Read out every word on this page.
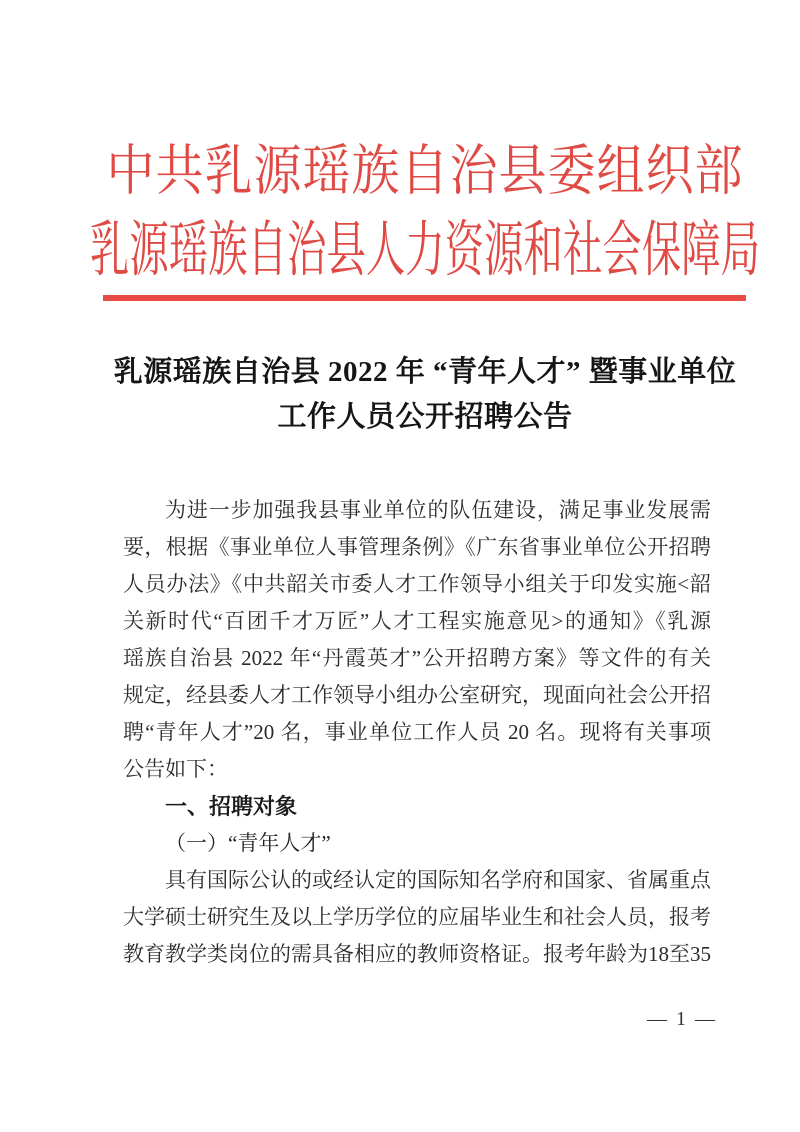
中共乳源瑶族自治县委组织部
乳源瑶族自治县人力资源和社会保障局
乳源瑶族自治县 2022 年 “青年人才” 暨事业单位
工作人员公开招聘公告
为进一步加强我县事业单位的队伍建设，满足事业发展需
要，根据《事业单位人事管理条例》《广东省事业单位公开招聘
人员办法》《中共韶关市委人才工作领导小组关于印发实施<韶
关新时代“百团千才万匠”人才工程实施意见>的通知》《乳源
瑶族自治县 2022 年“丹霞英才”公开招聘方案》等文件的有关
规定，经县委人才工作领导小组办公室研究，现面向社会公开招
聘“青年人才”20 名，事业单位工作人员 20 名。现将有关事项
公告如下：
一、招聘对象
（一）“青年人才”
具有国际公认的或经认定的国际知名学府和国家、省属重点
大学硕士研究生及以上学历学位的应届毕业生和社会人员，报考
教育教学类岗位的需具备相应的教师资格证。报考年龄为18至35
— 1 —
